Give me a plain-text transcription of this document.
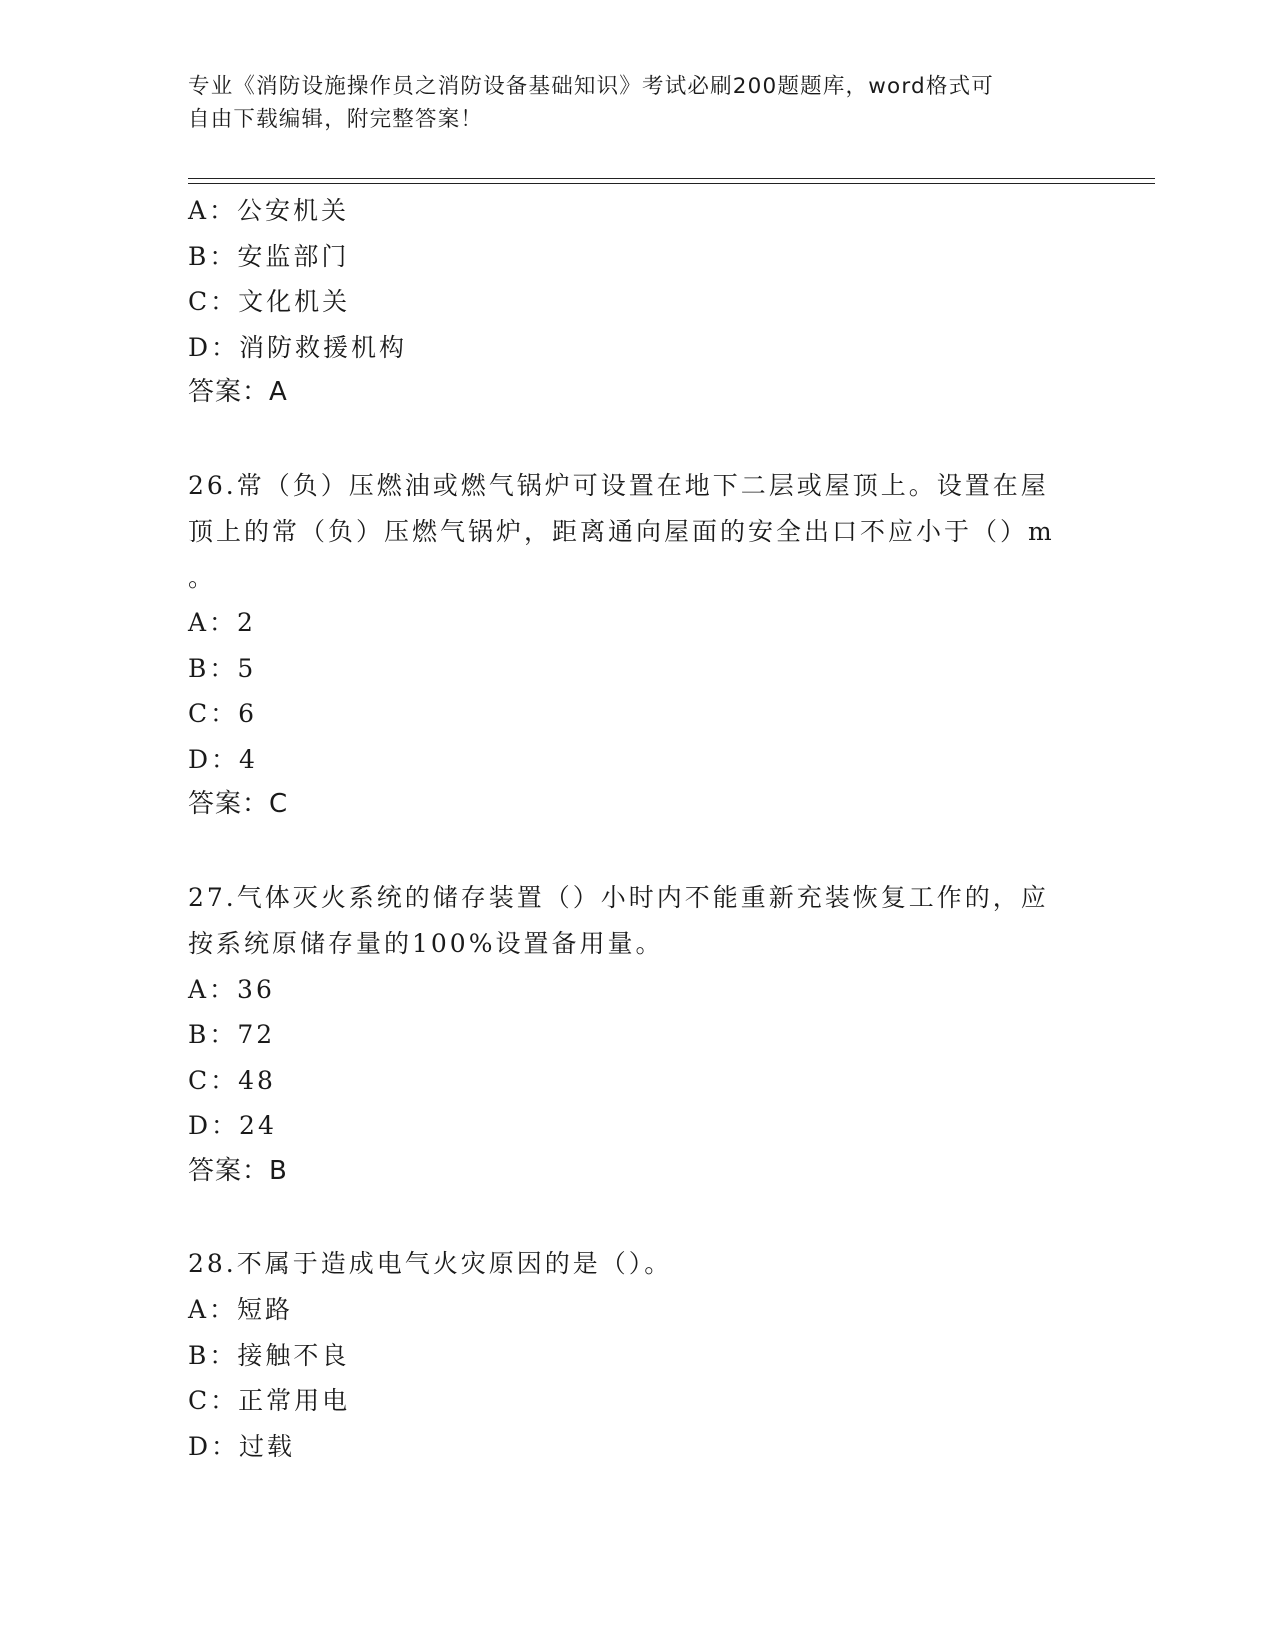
专业《消防设施操作员之消防设备基础知识》考试必刷200题题库，word格式可
自由下载编辑，附完整答案！
A：公安机关
B：安监部门
C：文化机关
D：消防救援机构
答案：A
26.常（负）压燃油或燃气锅炉可设置在地下二层或屋顶上。设置在屋
顶上的常（负）压燃气锅炉，距离通向屋面的安全出口不应小于（）m
。
A：2
B：5
C：6
D：4
答案：C
27.气体灭火系统的储存装置（）小时内不能重新充装恢复工作的，应
按系统原储存量的100%设置备用量。
A：36
B：72
C：48
D：24
答案：B
28.不属于造成电气火灾原因的是（）。
A：短路
B：接触不良
C：正常用电
D：过载
